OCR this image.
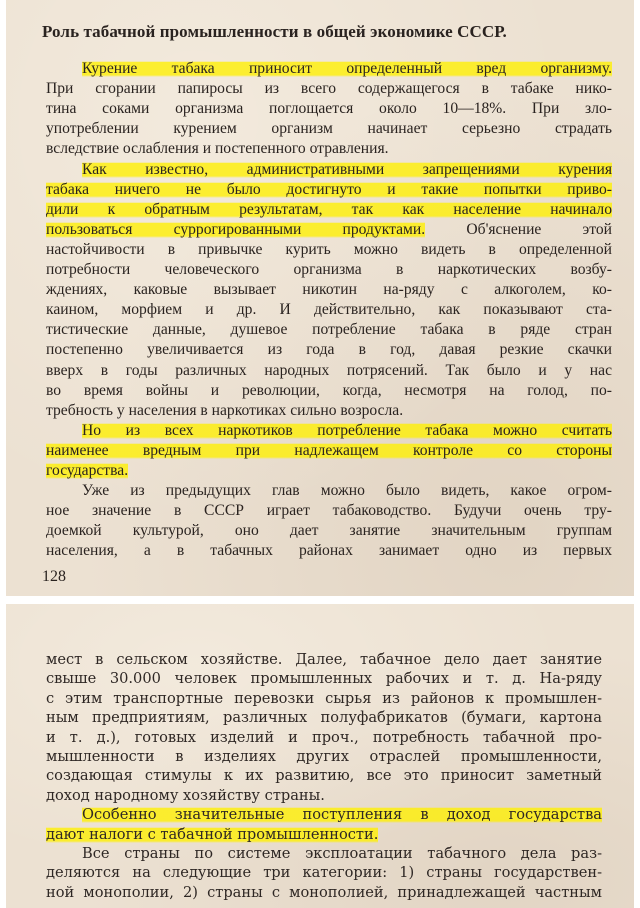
Роль табачной промышленности в общей экономике СССР.
Курение табака приносит определенный вред организму.
При сгорании папиросы из всего содержащегося в табаке нико-
тина соками организма поглощается около 10—18%. При зло-
употреблении курением организм начинает серьезно страдать
вследствие ослабления и постепенного отравления.
Как известно, административными запрещениями курения
табака ничего не было достигнуто и такие попытки приво-
дили к обратным результатам, так как население начинало
пользоваться суррогированными продуктами. Об'яснение этой
настойчивости в привычке курить можно видеть в определенной
потребности человеческого организма в наркотических возбу-
ждениях, каковые вызывает никотин на-ряду с алкоголем, ко-
каином, морфием и др. И действительно, как показывают ста-
тистические данные, душевое потребление табака в ряде стран
постепенно увеличивается из года в год, давая резкие скачки
вверх в годы различных народных потрясений. Так было и у нас
во время войны и революции, когда, несмотря на голод, по-
требность у населения в наркотиках сильно возросла.
Но из всех наркотиков потребление табака можно считать
наименее вредным при надлежащем контроле со стороны
государства.
Уже из предыдущих глав можно было видеть, какое огром-
ное значение в СССР играет табаководство. Будучи очень тру-
доемкой культурой, оно дает занятие значительным группам
населения, а в табачных районах занимает одно из первых
128
мест в сельском хозяйстве. Далее, табачное дело дает занятие
свыше 30.000 человек промышленных рабочих и т. д. На-ряду
с этим транспортные перевозки сырья из районов к промышлен-
ным предприятиям, различных полуфабрикатов (бумаги, картона
и т. д.), готовых изделий и проч., потребность табачной про-
мышленности в изделиях других отраслей промышленности,
создающая стимулы к их развитию, все это приносит заметный
доход народному хозяйству страны.
Особенно значительные поступления в доход государства
дают налоги с табачной промышленности.
Все страны по системе эксплоатации табачного дела раз-
деляются на следующие три категории: 1) страны государствен-
ной монополии, 2) страны с монополией, принадлежащей частным
